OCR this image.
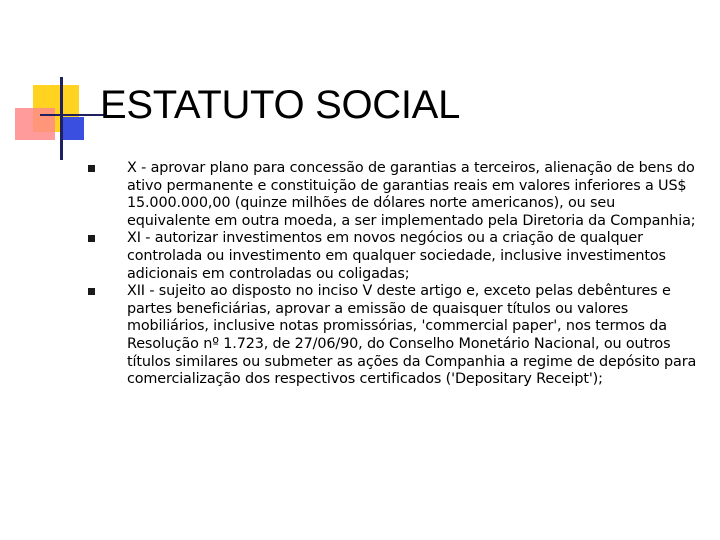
ESTATUTO SOCIAL
X - aprovar plano para concessão de garantias a terceiros, alienação de bens do ativo permanente e constituição de garantias reais em valores inferiores a US$ 15.000.000,00 (quinze milhões de dólares norte americanos), ou seu equivalente em outra moeda, a ser implementado pela Diretoria da Companhia;
XI - autorizar investimentos em novos negócios ou a criação de qualquer controlada ou investimento em qualquer sociedade, inclusive investimentos adicionais em controladas ou coligadas;
XII - sujeito ao disposto no inciso V deste artigo e, exceto pelas debêntures e partes beneficiárias, aprovar a emissão de quaisquer títulos ou valores mobiliários, inclusive notas promissórias, 'commercial paper', nos termos da Resolução nº 1.723, de 27/06/90, do Conselho Monetário Nacional, ou outros títulos similares ou submeter as ações da Companhia a regime de depósito para comercialização dos respectivos certificados ('Depositary Receipt');
